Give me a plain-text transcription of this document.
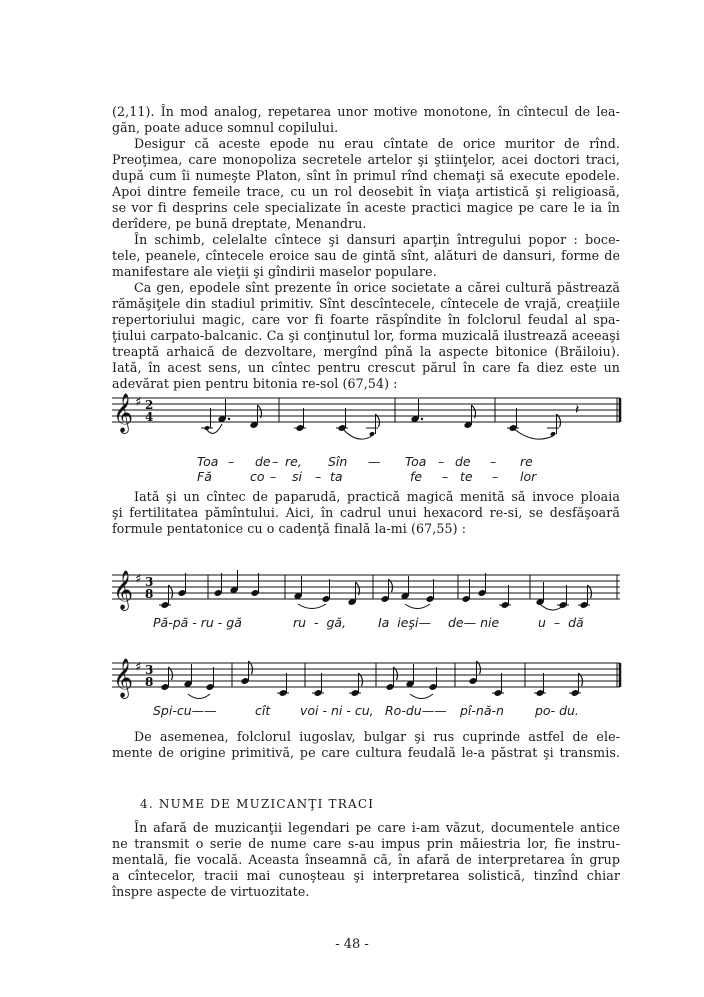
(2,11). În mod analog, repetarea unor motive monotone, în cîntecul de lea-
găn, poate aduce somnul copilului.
Desigur că aceste epode nu erau cîntate de orice muritor de rînd.
Preoţimea, care monopoliza secretele artelor şi ştiinţelor, acei doctori traci,
după cum îi numeşte Platon, sînt în primul rînd chemaţi să execute epodele.
Apoi dintre femeile trace, cu un rol deosebit în viaţa artistică şi religioasă,
se vor fi desprins cele specializate în aceste practici magice pe care le ia în
derîdere, pe bună dreptate, Menandru.
În schimb, celelalte cîntece şi dansuri aparţin întregului popor : boce-
tele, peanele, cîntecele eroice sau de gintă sînt, alături de dansuri, forme de
manifestare ale vieţii şi gîndirii maselor populare.
Ca gen, epodele sînt prezente în orice societate a cărei cultură păstrează
rămăşiţele din stadiul primitiv. Sînt descîntecele, cîntecele de vrajă, creaţiile
repertoriului magic, care vor fi foarte răspîndite în folclorul feudal al spa-
ţiului carpato-balcanic. Ca şi conţinutul lor, forma muzicală ilustrează aceeaşi
treaptă arhaică de dezvoltare, mergînd pînă la aspecte bitonice (Brăiloiu).
Iată, în acest sens, un cîntec pentru crescut părul în care fa diez este un
adevărat pien pentru bitonia re-sol (67,54) :
𝄞 ♯ 2
4	𝄽
𝄞 ♯ 3
8
𝄞 ♯ 3
8
Toa – de – re, Sîn — Toa – de – re
Fă	co – si – ta	fe – te – lor
Pă-pă - ru - gă	ru  -  gă,	Ia  ieşi— de— nie	u  –  dă
Spi-cu——	cît voi - ni - cu, Ro-du—— pî-nă-n po- du.
Iată şi un cîntec de paparudă, practică magică menită să invoce ploaia
şi fertilitatea pămîntului. Aici, în cadrul unui hexacord re-si, se desfăşoară
formule pentatonice cu o cadenţă finală la-mi (67,55) :
De asemenea, folclorul iugoslav, bulgar şi rus cuprinde astfel de ele-
mente de origine primitivă, pe care cultura feudală le-a păstrat şi transmis.
4. NUME DE MUZICANŢI TRACI
În afară de muzicanţii legendari pe care i-am văzut, documentele antice
ne transmit o serie de nume care s-au impus prin măiestria lor, fie instru-
mentală, fie vocală. Aceasta înseamnă că, în afară de interpretarea în grup
a cîntecelor, tracii mai cunoşteau şi interpretarea solistică, tinzînd chiar
înspre aspecte de virtuozitate.
- 48 -
